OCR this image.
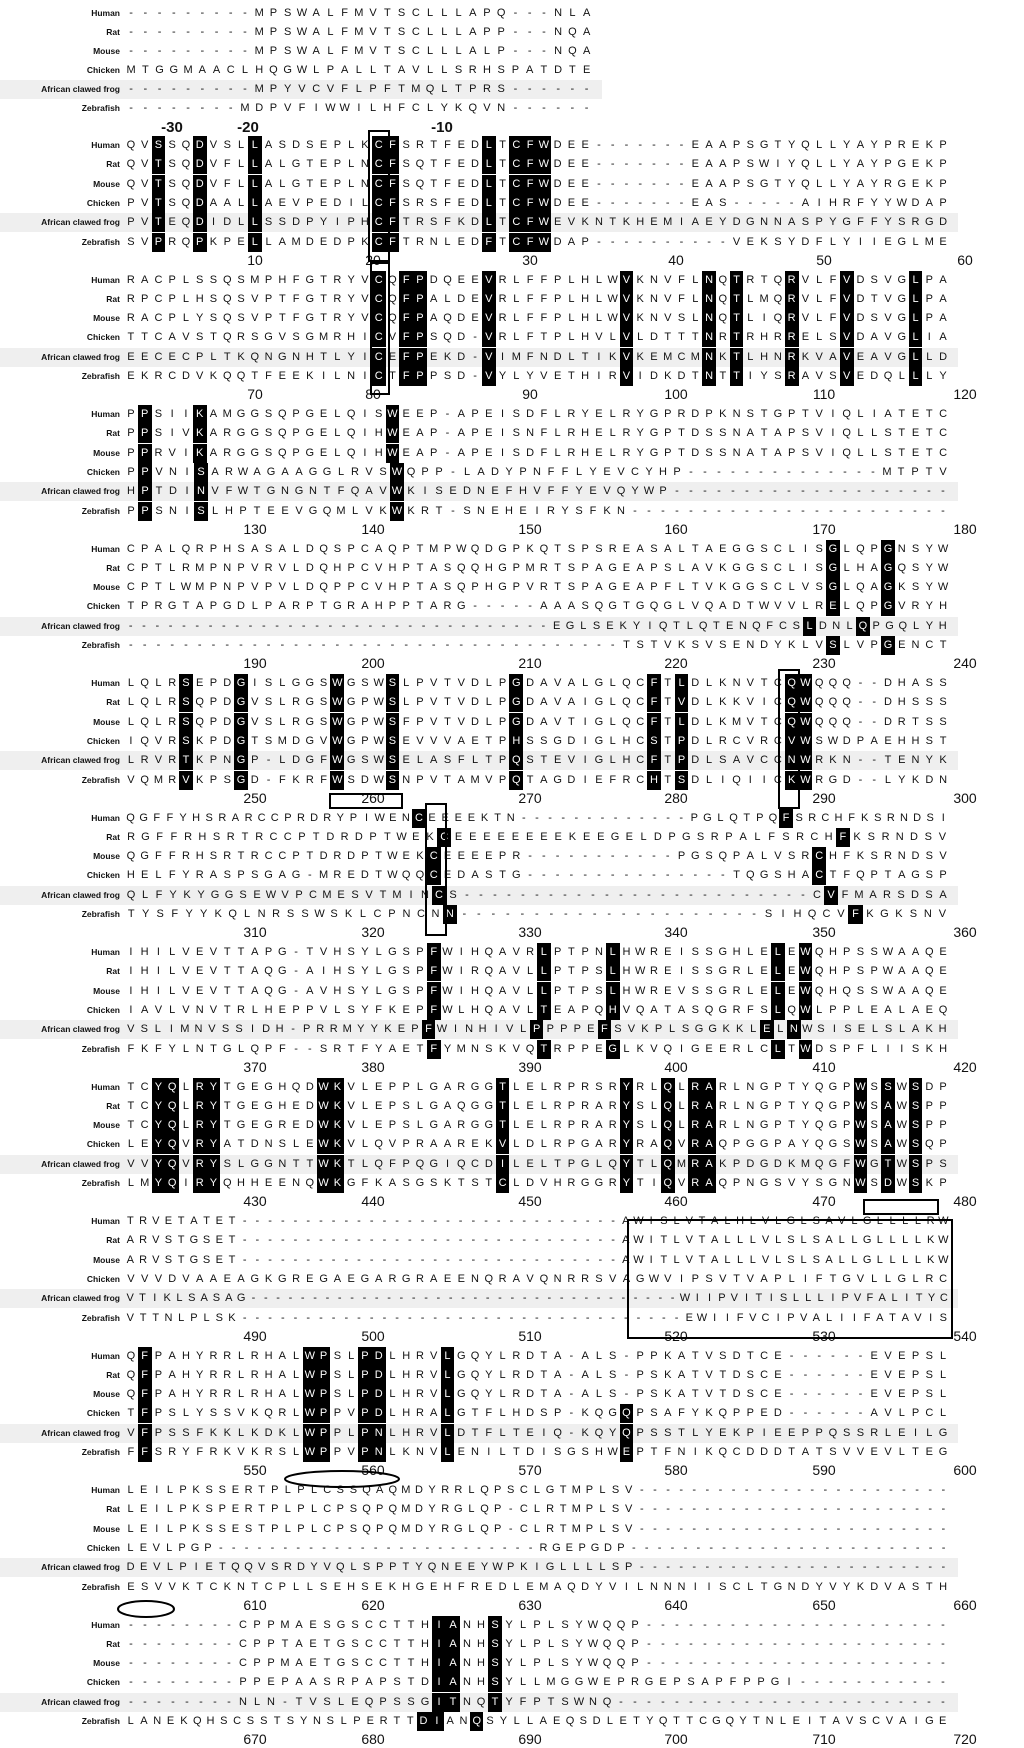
Human - - - - - - - - - M P S W A L F M V T S C L L L A P Q - - - N L A
Rat - - - - - - - - - M P S W A L F M V T S C L L L A P P - - - N Q A
Mouse - - - - - - - - - M P S W A L F M V T S C L L L A L P - - - N Q A
Chicken M T G G M A A C L H Q G W L P A L L T A V L L S R H S P A T D T E
African clawed frog - - - - - - - - - M P Y V C V F L P F T M Q L T P R S - - - - - -
Zebrafish - - - - - - - - M D P V F I W W I L H F C L Y K Q V N - - - - - -
-30	-20	-10
Human Q V S S Q D V S L L A S D S E P L K C F S R T F E D L T C F W D E E - - - - - - - E A A P S G T Y Q L L Y A Y P R E K P
Rat Q V T S Q D V F L L A L G T E P L N C F S Q T F E D L T C F W D E E - - - - - - - E A A P S W I Y Q L L Y A Y P G E K P
Mouse Q V T S Q D V F L L A L G T E P L N C F S Q T F E D L T C F W D E E - - - - - - - E A A P S G T Y Q L L Y A Y R G E K P
Chicken P V T S Q D A A L L A E V P E D I L C F S R S F E D L T C F W D E E - - - - - - - E A S - - - - - A I H R F Y Y W D A P
African clawed frog P V T E Q D I D L L S S D P Y I P H C F T R S F K D L T C F W E V K N T K H E M I A E Y D G N N A S P Y G F F Y S R G D
Zebrafish S V P R Q P K P E L L A M D E D P K C F T R N L E D F T C F W D A P - - - - - - - - - - V E K S Y D F L Y I I E G L M E
10	20	30	40	50	60
Human R A C P L S S Q S M P H F G T R Y V C Q F P D Q E E V R L F F P L H L W V K N V F L N Q T R T Q R V L F V D S V G L P A
Rat R P C P L H S Q S V P T F G T R Y V C Q F P A L D E V R L F F P L H L W V K N V F L N Q T L M Q R V L F V D T V G L P A
Mouse R A C P L Y S Q S V P T F G T R Y V C Q F P A Q D E V R L F F P L H L W V K N V S L N Q T L I Q R V L F V D S V G L P A
Chicken T T C A V S T Q R S G V S G M R H I C V F P S Q D - V R L F T P L H V L V L D T T T N R T R H R R E L S V D A V G L I A
African clawed frog E E C E C P L T K Q N G N H T L Y I C E F P E K D - V I M F N D L T I K V K E M C M N K T L H N R K V A V E A V G L L D
Zebrafish E K R C D V K Q Q T F E E K I L N I C T F P P S D - V Y L Y V E T H I R V I D K D T N T T I Y S R A V S V E D Q L L L Y
70	80	90	100	110	120
Human P P S I I K A M G G S Q P G E L Q I S W E E P - A P E I S D F L R Y E L R Y G P R D P K N S T G P T V I Q L I A T E T C
Rat P P S I V K A R G G S Q P G E L Q I H W E A P - A P E I S N F L R H E L R Y G P T D S S N A T A P S V I Q L L S T E T C
Mouse P P R V I K A R G G S Q P G E L Q I H W E A P - A P E I S D F L R H E L R Y G P T D S S N A T A P S V I Q L L S T E T C
Chicken P P V N I S A R W A G A A G G L R V S W Q P P - L A D Y P N F F L Y E V C Y H P - - - - - - - - - - - - - - M T P T V
African clawed frog H P T D I N V F W T G N G N T F Q A V W K I S E D N E F H V F F Y E V Q Y W P - - - - - - - - - - - - - - - - - - - -
Zebrafish P P S N I S L H P T E E V G Q M L V K W K R T - S N E H E I R Y S F K N - - - - - - - - - - - - - - - - - - - - - - -
130	140	150	160	170	180
Human C P A L Q R P H S A S A L D Q S P C A Q P T M P W Q D G P K Q T S P S R E A S A L T A E G G S C L I S G L Q P G N S Y W
Rat C P T L R M P N P V R V L D Q H P C V H P T A S Q Q H G P M R T S P A G E A P S L A V K G G S C L I S G L H A G Q S Y W
Mouse C P T L W M P N P V P V L D Q P P C V H P T A S Q P H G P V R T S P A G E A P F L T V K G G S C L V S G L Q A G K S Y W
Chicken T P R G T A P G D L P A R P T G R A H P P T A R G - - - - - A A A S Q G T G Q G L V Q A D T W V V L R E L Q P G V R Y H
African clawed frog - - - - - - - - - - - - - - - - - - - - - - - - - - - - - - - - E G L S E K Y I Q T L Q T E N Q F C S L D N L Q P G Q L Y H
Zebrafish - - - - - - - - - - - - - - - - - - - - - - - - - - - - - - - - - - - - T S T V K S V S E N D Y K L V S L V P G E N C T
190	200	210	220	230	240
Human L Q L R S E P D G I S L G G S W G S W S L P V T V D L P G D A V A L G L Q C F T L D L K N V T C Q W Q Q Q - - D H A S S
Rat L Q L R S Q P D G V S L R G S W G P W S L P V T V D L P G D A V A I G L Q C F T V D L K K V I C Q W Q Q Q - - D H S S S
Mouse L Q L R S Q P D G V S L R G S W G P W S F P V T V D L P G D A V T I G L Q C F T L D L K M V T C Q W Q Q Q - - D R T S S
Chicken I Q V R S K P D G T S M D G V W G P W S E V V V A E T P H S S G D I G L H C S T P D L R C V R C V W S W D P A E H H S T
African clawed frog L R V R T K P N G P - L D G F W G S W S E L A S F L T P Q S T E V I G L H C F T P D L S A V C C N W R K N - - T E N Y K
Zebrafish V Q M R V K P S G D - F K R F W S D W S N P V T A M V P Q T A G D I E F R C H T S D L I Q I I C K W R G D - - L Y K D N
250	260	270	280	290	300
Human Q G F F Y H S R A R C C P R D R Y P I W E N C E E E E K T N - - - - - - - - - - - - - P G L Q T P Q F S R C H F K S R N D S I
Rat R G F F R H S R T R C C P T D R D P T W E K C E E E E E E E E K E E G E L D P G S R P A L F S R C H F K S R N D S V
Mouse Q G F F R H S R T R C C P T D R D P T W E K C E E E E P R - - - - - - - - - - - P G S Q P A L V S R C H F K S R N D S V
Chicken H E L F Y R A S P S G A G - M R E D T W Q Q C E D A S T G - - - - - - - - - - - - - - - T Q G S H A C T F Q P T A G S P
African clawed frog Q L F Y K Y G G S E W V P C M E S V T M I N C S - - - - - - - - - - - - - - - - - - - - - - - - - C V F M A R S D S A
Zebrafish T Y S F Y Y K Q L N R S S W S K L C P N C N N - - - - - - - - - - - - - - - - - - - - - S I H Q C V F K G K S N V
310	320	330	340	350	360
Human I H I L V E V T T A P G - T V H S Y L G S P F W I H Q A V R L P T P N L H W R E I S S G H L E L E W Q H P S S W A A Q E
Rat I H I L V E V T T A Q G - A I H S Y L G S P F W I R Q A V L L P T P S L H W R E I S S G R L E L E W Q H P S P W A A Q E
Mouse I H I L V E V T T A Q G - A V H S Y L G S P F W I H Q A V L L P T P S L H W R E V S S G R L E L E W Q H Q S S W A A Q E
Chicken I A V L V N V T R L H E P P V L S Y F K E P F W L H Q A V L T E A P Q H V Q A T A S Q G R F S L Q W L P P L E A L A E Q
African clawed frog V S L I M N V S S I D H - P R R M Y Y K E P F W I N H I V L P P P P E F S V K P L S G G K K L E L N W S I S E L S L A K H
Zebrafish F K F Y L N T G L Q P F - - S R T F Y A E T F Y M N S K V Q T R P P E G L K V Q I G E E R L C L T W D S P F L I I S K H
370	380	390	400	410	420
Human T C Y Q L R Y T G E G H Q D W K V L E P P L G A R G G T L E L R P R S R Y R L Q L R A R L N G P T Y Q G P W S S W S D P
Rat T C Y Q L R Y T G E G H E D W K V L E P S L G A Q G G T L E L R P R A R Y S L Q L R A R L N G P T Y Q G P W S A W S P P
Mouse T C Y Q L R Y T G E G R E D W K V L E P S L G A R G G T L E L R P R A R Y S L Q L R A R L N G P T Y Q G P W S A W S P P
Chicken L E Y Q V R Y A T D N S L E W K V L Q V P R A A R E K V L D L R P G A R Y R A Q V R A Q P G G P A Y Q G S W S A W S Q P
African clawed frog V V Y Q V R Y S L G G N T T W K T L Q F P Q G I Q C D I L E L T P G L Q Y T L Q M R A K P D G D K M Q G F W G T W S P S
Zebrafish L M Y Q I R Y Q H H E E N Q W K G F K A S G S K T S T C L D V H R G G R Y T I Q V R A Q P N G S V Y S G N W S D W S K P
430	440	450	460	470	480
Human T R V E T A T E T - - - - - - - - - - - - - - - - - - - - - - - - - - - - - - A W I S L V T A L H L V L G L S A V L G L L L L R W
Rat A R V S T G S E T - - - - - - - - - - - - - - - - - - - - - - - - - - - - - - A W I T L V T A L L L V L S L S A L L G L L L L K W
Mouse A R V S T G S E T - - - - - - - - - - - - - - - - - - - - - - - - - - - - - - A W I T L V T A L L L V L S L S A L L G L L L L K W
Chicken V V V D V A A E A G K G R E G A E G A R G R A E E N Q R A V Q N R R S V A G W V I P S V T V A P L I F T G V L L G L R C
African clawed frog V T I K L S A S A G - - - - - - - - - - - - - - - - - - - - - - - - - - - - - - - - - - - W I I P V I T I S L L L I P V F A L I T Y C
Zebrafish V T T N L P L S K - - - - - - - - - - - - - - - - - - - - - - - - - - - - - - - - - - - E W I I F V C I P V A L I I F A T A V I S
490	500	510	520	530	540
Human Q F P A H Y R R L R H A L W P S L P D L H R V L G Q Y L R D T A - A L S - P P K A T V S D T C E - - - - - - E V E P S L
Rat Q F P A H Y R R L R H A L W P S L P D L H R V L G Q Y L R D T A - A L S - P S K A T V T D S C E - - - - - - E V E P S L
Mouse Q F P A H Y R R L R H A L W P S L P D L H R V L G Q Y L R D T A - A L S - P S K A T V T D S C E - - - - - - E V E P S L
Chicken T F P S L Y S S V K Q R L W P P V P D L H R A L G T F L H D S P - K Q G Q P S A F Y K Q P P E D - - - - - - A V L P C L
African clawed frog V F P S S F K K L K D K L W P P L P N L H R V L D T F L T E I Q - K Q Y Q P S S T L Y E K P I E E P P Q S S R L E I L G
Zebrafish F F S R Y F R K V K R S L W P P V P N L K N V L E N I L T D I S G S H W E P T F N I K Q C D D D T A T S V V E V L T E G
550	560	570	580	590	600
Human L E I L P K S S E R T P L P L C S S Q A Q M D Y R R L Q P S C L G T M P L S V - - - - - - - - - - - - - - - - - - - - - - - -
Rat L E I L P K S P E R T P L P L C P S Q P Q M D Y R G L Q P - C L R T M P L S V - - - - - - - - - - - - - - - - - - - - - - - -
Mouse L E I L P K S S E S T P L P L C P S Q P Q M D Y R G L Q P - C L R T M P L S V - - - - - - - - - - - - - - - - - - - - - - - -
Chicken L E V L P G P - - - - - - - - - - - - - - - - - - - - - - - - - R G E P G D P - - - - - - - - - - - - - - - - - - - - - - - - -
African clawed frog D E V L P I E T Q Q V S R D Y V Q L S P P T Y Q N E E Y W P K I G L L L L S P - - - - - - - - - - - - - - - - - - - - - - - -
Zebrafish E S V V K T C K N T C P L L S E H S E K H G E H F R E D L E M A Q D Y V I L N N N I I S C L T G N D Y V Y K D V A S T H
610	620	630	640	650	660
Human - - - - - - - - C P P M A E S G S C C T T H I A N H S Y L P L S Y W Q Q P - - - - - - - - - - - - - - - - - - - - - -
Rat - - - - - - - - C P P T A E T G S C C T T H I A N H S Y L P L S Y W Q Q P - - - - - - - - - - - - - - - - - - - - - -
Mouse - - - - - - - - C P P M A E T G S C C T T H I A N H S Y L P L S Y W Q Q P - - - - - - - - - - - - - - - - - - - - - -
Chicken - - - - - - - - P P E P A A S R P A P S T D I A N H S Y L L M G G W E P R G E P S A P F P P G I - - - - - - - - - - -
African clawed frog - - - - - - - - N L N - T V S L E Q P S S G I T N Q T Y F P T S W N Q - - - - - - - - - - - - - - - - - - - - - - - -
Zebrafish L A N E K Q H S C S S T S Y N S L P E R T T D I A N Q S Y L L A E Q S D L E T Y Q T T C G Q Y T N L E I T A V S C V A I G E
670	680	690	700	710	720
